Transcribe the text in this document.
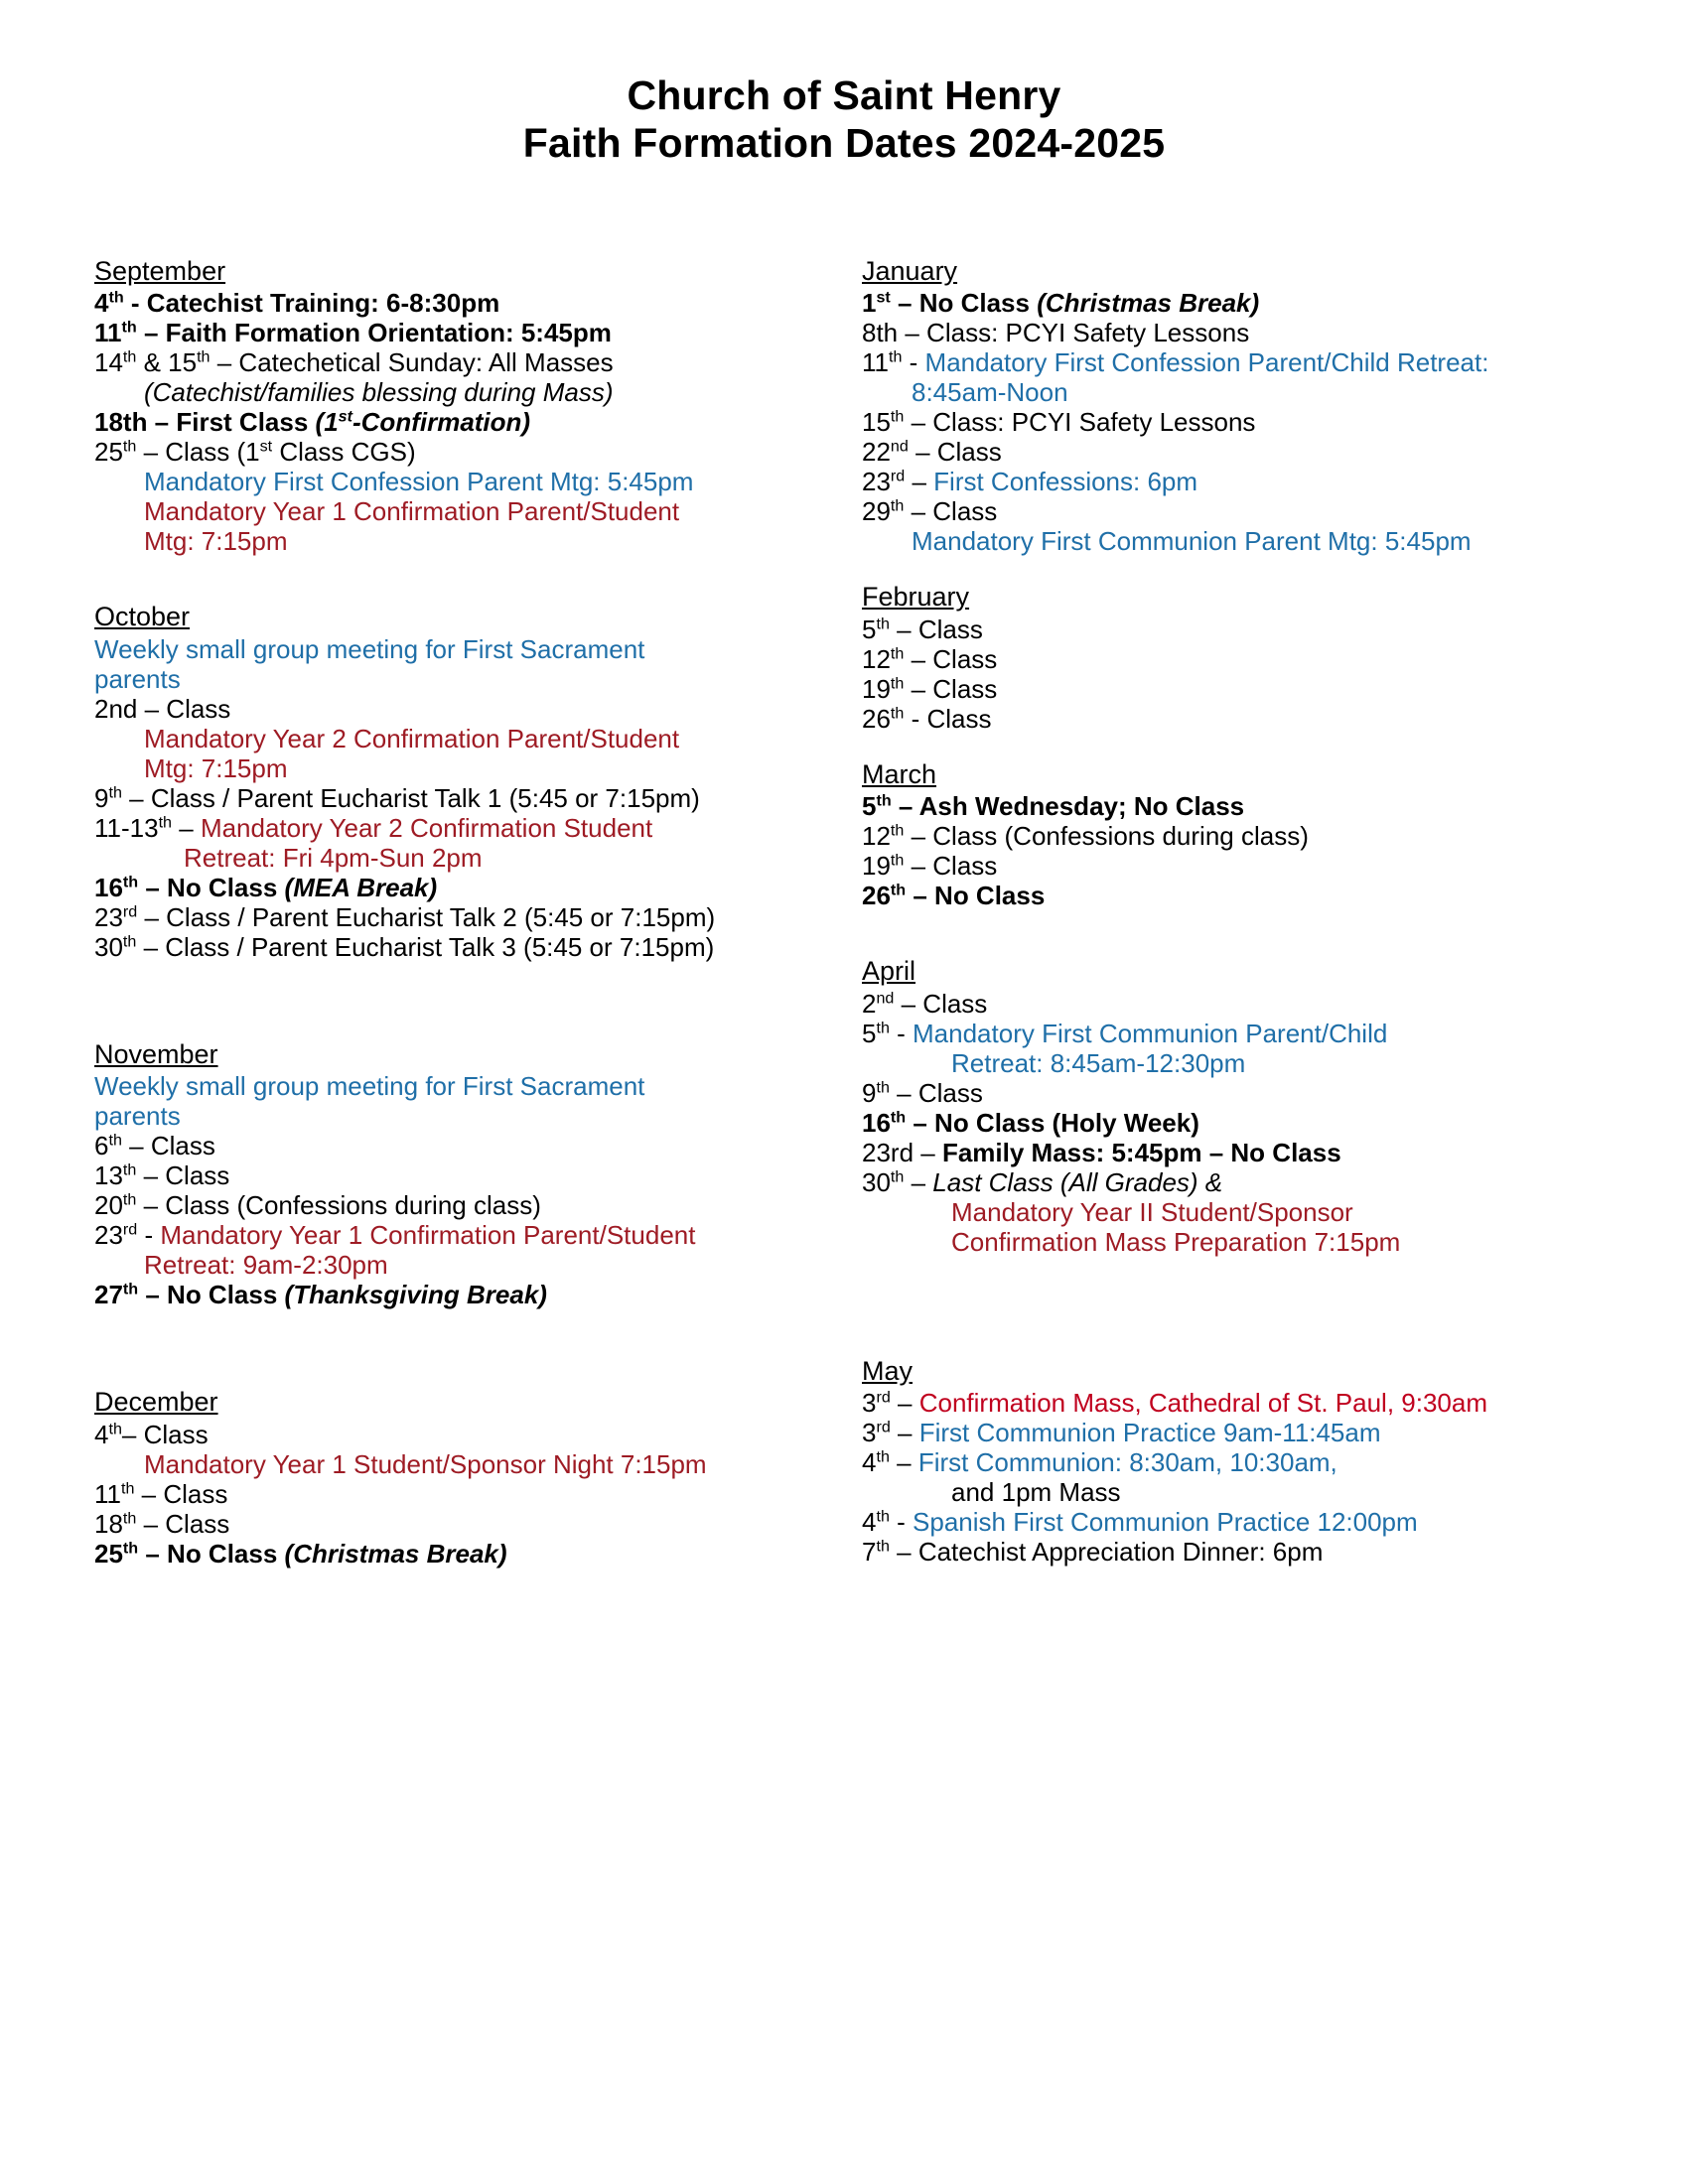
Church of Saint Henry
Faith Formation Dates 2024-2025
September
4th - Catechist Training: 6-8:30pm
11th – Faith Formation Orientation: 5:45pm
14th & 15th – Catechetical Sunday: All Masses
(Catechist/families blessing during Mass)
18th – First Class (1st-Confirmation)
25th – Class (1st Class CGS)
Mandatory First Confession Parent Mtg: 5:45pm
Mandatory Year 1 Confirmation Parent/Student
Mtg: 7:15pm
October
Weekly small group meeting for First Sacrament
parents
2nd – Class
Mandatory Year 2 Confirmation Parent/Student
Mtg: 7:15pm
9th – Class / Parent Eucharist Talk 1 (5:45 or 7:15pm)
11-13th – Mandatory Year 2 Confirmation Student
Retreat: Fri 4pm-Sun 2pm
16th – No Class (MEA Break)
23rd – Class / Parent Eucharist Talk 2 (5:45 or 7:15pm)
30th – Class / Parent Eucharist Talk 3 (5:45 or 7:15pm)
November
Weekly small group meeting for First Sacrament
parents
6th – Class
13th – Class
20th – Class (Confessions during class)
23rd - Mandatory Year 1 Confirmation Parent/Student
Retreat: 9am-2:30pm
27th – No Class (Thanksgiving Break)
December
4th– Class
Mandatory Year 1 Student/Sponsor Night 7:15pm
11th – Class
18th – Class
25th – No Class (Christmas Break)
January
1st – No Class (Christmas Break)
8th – Class: PCYI Safety Lessons
11th - Mandatory First Confession Parent/Child Retreat:
8:45am-Noon
15th – Class: PCYI Safety Lessons
22nd – Class
23rd – First Confessions: 6pm
29th – Class
Mandatory First Communion Parent Mtg: 5:45pm
February
5th – Class
12th – Class
19th – Class
26th - Class
March
5th – Ash Wednesday; No Class
12th – Class (Confessions during class)
19th – Class
26th – No Class
April
2nd – Class
5th - Mandatory First Communion Parent/Child
Retreat: 8:45am-12:30pm
9th – Class
16th – No Class (Holy Week)
23rd – Family Mass: 5:45pm – No Class
30th – Last Class (All Grades) &
Mandatory Year II Student/Sponsor
Confirmation Mass Preparation 7:15pm
May
3rd – Confirmation Mass, Cathedral of St. Paul, 9:30am
3rd – First Communion Practice 9am-11:45am
4th – First Communion: 8:30am, 10:30am,
and 1pm Mass
4th - Spanish First Communion Practice 12:00pm
7th – Catechist Appreciation Dinner: 6pm
